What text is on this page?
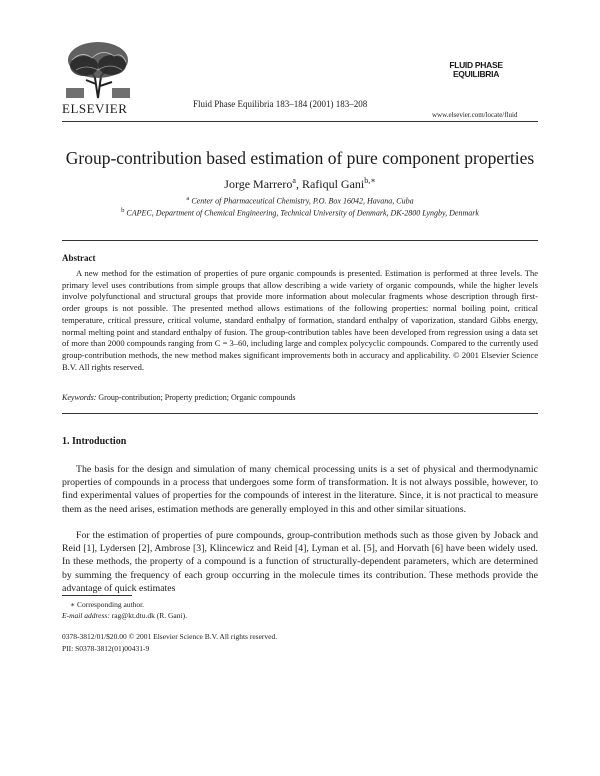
ELSEVIER	Fluid Phase Equilibria 183–184 (2001) 183–208
FLUID PHASE
EQUILIBRIA
www.elsevier.com/locate/fluid
Group-contribution based estimation of pure component properties
Jorge Marrero$^a$, Rafiqul Gani$^{b,∗}$
$^a$ Center of Pharmaceutical Chemistry, P.O. Box 16042, Havana, Cuba
$^b$ CAPEC, Department of Chemical Engineering, Technical University of Denmark, DK-2800 Lyngby, Denmark
Abstract

A new method for the estimation of properties of pure organic compounds is presented. Estimation is performed at three levels. The primary level uses contributions from simple groups that allow describing a wide variety of organic compounds, while the higher levels involve polyfunctional and structural groups that provide more information about molecular fragments whose description through first-order groups is not possible. The presented method allows estimations of the following properties: normal boiling point, critical temperature, critical pressure, critical volume, standard enthalpy of formation, standard enthalpy of vaporization, standard Gibbs energy, normal melting point and standard enthalpy of fusion. The group-contribution tables have been developed from regression using a data set of more than 2000 compounds ranging from C = 3–60, including large and complex polycyclic compounds. Compared to the currently used group-contribution methods, the new method makes significant improvements both in accuracy and applicability. © 2001 Elsevier Science B.V. All rights reserved.

Keywords: Group-contribution; Property prediction; Organic compounds
1. Introduction

The basis for the design and simulation of many chemical processing units is a set of physical and thermodynamic properties of compounds in a process that undergoes some form of transformation. It is not always possible, however, to find experimental values of properties for the compounds of interest in the literature. Since, it is not practical to measure them as the need arises, estimation methods are generally employed in this and other similar situations.

For the estimation of properties of pure compounds, group-contribution methods such as those given by Joback and Reid [1], Lydersen [2], Ambrose [3], Klincewicz and Reid [4], Lyman et al. [5], and Horvath [6] have been widely used. In these methods, the property of a compound is a function of structurally-dependent parameters, which are determined by summing the frequency of each group occurring in the molecule times its contribution. These methods provide the advantage of quick estimates

∗ Corresponding author.
E-mail address: rag@kt.dtu.dk (R. Gani).
0378-3812/01/$20.00 © 2001 Elsevier Science B.V. All rights reserved.
PII: S0378-3812(01)00431-9
